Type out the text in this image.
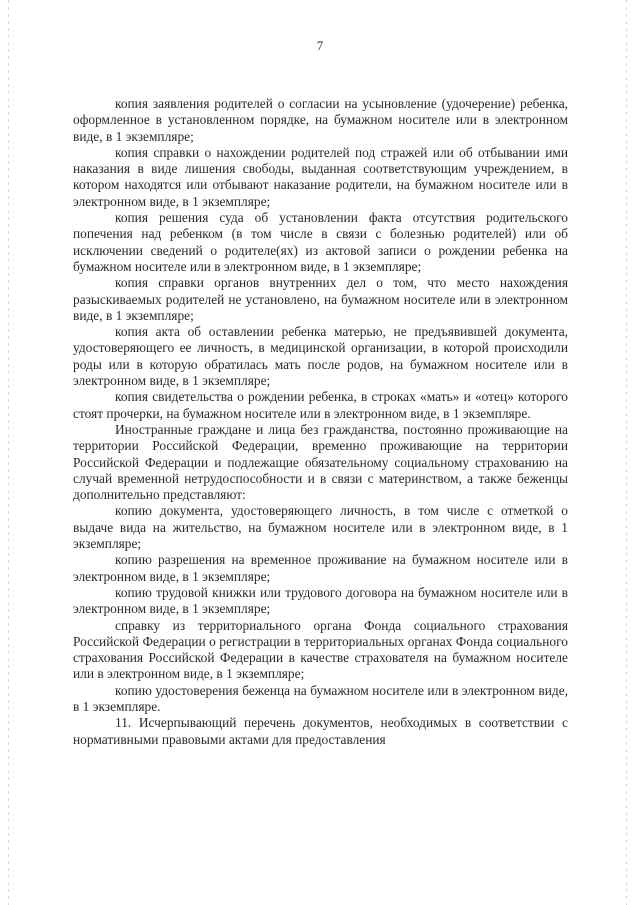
7

копия заявления родителей о согласии на усыновление (удочерение) ребенка, оформленное в установленном порядке, на бумажном носителе или в электронном виде, в 1 экземпляре;

копия справки о нахождении родителей под стражей или об отбывании ими наказания в виде лишения свободы, выданная соответствующим учреждением, в котором находятся или отбывают наказание родители, на бумажном носителе или в электронном виде, в 1 экземпляре;

копия решения суда об установлении факта отсутствия родительского попечения над ребенком (в том числе в связи с болезнью родителей) или об исключении сведений о родителе(ях) из актовой записи о рождении ребенка на бумажном носителе или в электронном виде, в 1 экземпляре;

копия справки органов внутренних дел о том, что место нахождения разыскиваемых родителей не установлено, на бумажном носителе или в электронном виде, в 1 экземпляре;

копия акта об оставлении ребенка матерью, не предъявившей документа, удостоверяющего ее личность, в медицинской организации, в которой происходили роды или в которую обратилась мать после родов, на бумажном носителе или в электронном виде, в 1 экземпляре;

копия свидетельства о рождении ребенка, в строках «мать» и «отец» которого стоят прочерки, на бумажном носителе или в электронном виде, в 1 экземпляре.

Иностранные граждане и лица без гражданства, постоянно проживающие на территории Российской Федерации, временно проживающие на территории Российской Федерации и подлежащие обязательному социальному страхованию на случай временной нетрудоспособности и в связи с материнством, а также беженцы дополнительно представляют:

копию документа, удостоверяющего личность, в том числе с отметкой о выдаче вида на жительство, на бумажном носителе или в электронном виде, в 1 экземпляре;

копию разрешения на временное проживание на бумажном носителе или в электронном виде, в 1 экземпляре;

копию трудовой книжки или трудового договора на бумажном носителе или в электронном виде, в 1 экземпляре;

справку из территориального органа Фонда социального страхования Российской Федерации о регистрации в территориальных органах Фонда социального страхования Российской Федерации в качестве страхователя на бумажном носителе или в электронном виде, в 1 экземпляре;

копию удостоверения беженца на бумажном носителе или в электронном виде, в 1 экземпляре.

11. Исчерпывающий перечень документов, необходимых в соответствии с нормативными правовыми актами для предоставления
